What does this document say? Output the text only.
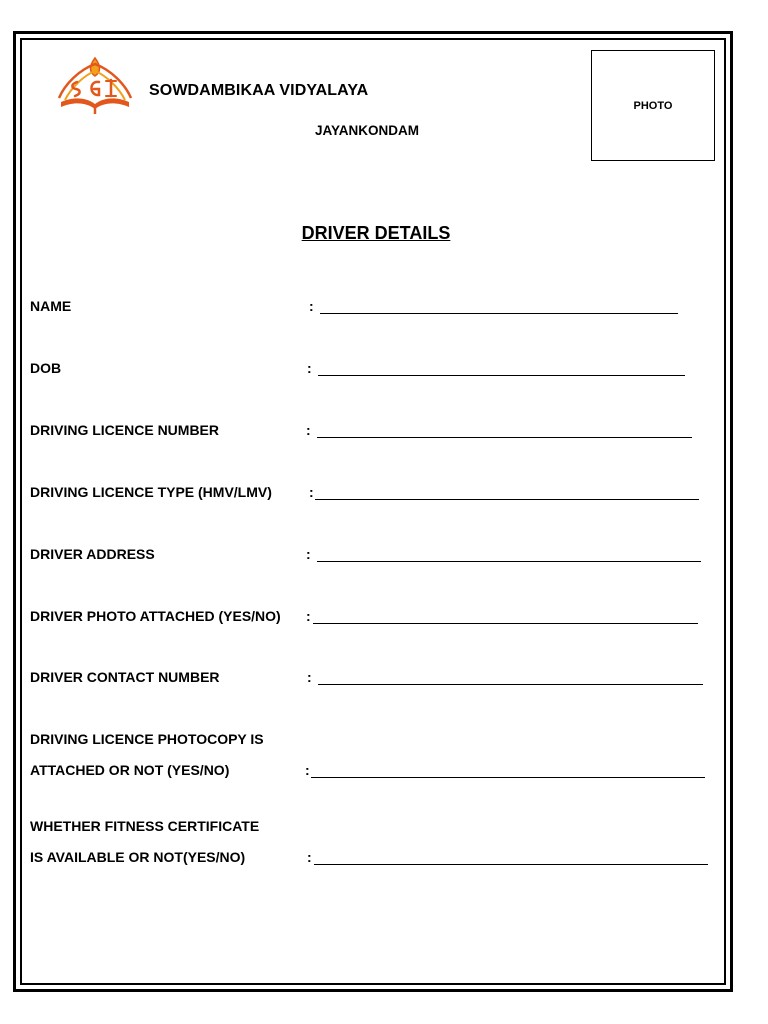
SOWDAMBIKAA VIDYALAYA
JAYANKONDAM
PHOTO
DRIVER DETAILS
NAME	:
DOB	:
DRIVING LICENCE NUMBER	:
DRIVING LICENCE TYPE (HMV/LMV)	:
DRIVER ADDRESS	:
DRIVER PHOTO ATTACHED (YES/NO) :
DRIVER CONTACT NUMBER	:
DRIVING LICENCE PHOTOCOPY IS
ATTACHED OR NOT (YES/NO)	:
WHETHER FITNESS CERTIFICATE
IS AVAILABLE OR NOT(YES/NO)	:
